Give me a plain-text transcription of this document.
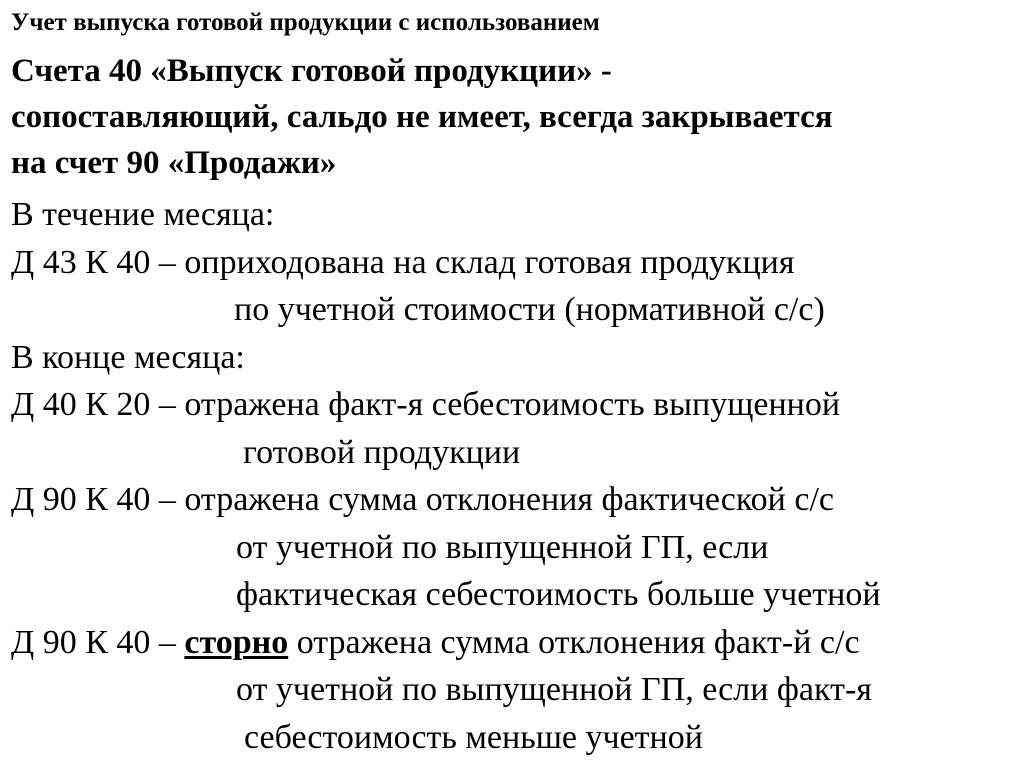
Учет выпуска готовой продукции с использованием
Счета 40 «Выпуск готовой продукции» -
сопоставляющий, сальдо не имеет, всегда закрывается
на счет 90 «Продажи»
В течение месяца:
Д 43 К 40 – оприходована на склад готовая продукция
по учетной стоимости (нормативной с/с)
В конце месяца:
Д 40 К 20 – отражена факт-я себестоимость выпущенной
готовой продукции
Д 90 К 40 – отражена сумма отклонения фактической с/с
от учетной по выпущенной ГП, если
фактическая себестоимость больше учетной
Д 90 К 40 – сторно отражена сумма отклонения факт-й с/с
от учетной по выпущенной ГП, если факт-я
себестоимость меньше учетной
